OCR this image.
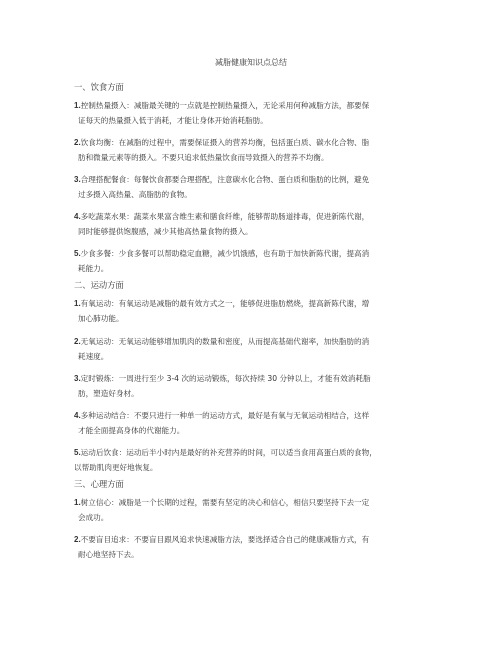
减脂健康知识点总结
一、饮食方面
1.控制热量摄入：减脂最关键的一点就是控制热量摄入，无论采用何种减脂方法，都要保
证每天的热量摄入低于消耗，才能让身体开始消耗脂肪。
2.饮食均衡：在减脂的过程中，需要保证摄入的营养均衡，包括蛋白质、碳水化合物、脂
肪和微量元素等的摄入。不要只追求低热量饮食而导致摄入的营养不均衡。
3.合理搭配餐食：每餐饮食都要合理搭配，注意碳水化合物、蛋白质和脂肪的比例，避免
过多摄入高热量、高脂肪的食物。
4.多吃蔬菜水果：蔬菜水果富含维生素和膳食纤维，能够帮助肠道排毒，促进新陈代谢，
同时能够提供饱腹感，减少其他高热量食物的摄入。
5.少食多餐：少食多餐可以帮助稳定血糖，减少饥饿感，也有助于加快新陈代谢，提高消
耗能力。
二、运动方面
1.有氧运动：有氧运动是减脂的最有效方式之一，能够促进脂肪燃烧，提高新陈代谢，增
加心肺功能。
2.无氧运动：无氧运动能够增加肌肉的数量和密度，从而提高基础代谢率，加快脂肪的消
耗速度。
3.定时锻炼：一周进行至少 3-4 次的运动锻炼，每次持续 30 分钟以上，才能有效消耗脂
肪，塑造好身材。
4.多种运动结合：不要只进行一种单一的运动方式，最好是有氧与无氧运动相结合，这样
才能全面提高身体的代谢能力。
5.运动后饮食：运动后半小时内是最好的补充营养的时间，可以适当食用高蛋白质的食物，
以帮助肌肉更好地恢复。
三、心理方面
1.树立信心：减脂是一个长期的过程，需要有坚定的决心和信心，相信只要坚持下去一定
会成功。
2.不要盲目追求：不要盲目跟风追求快速减脂方法，要选择适合自己的健康减脂方式，有
耐心地坚持下去。
